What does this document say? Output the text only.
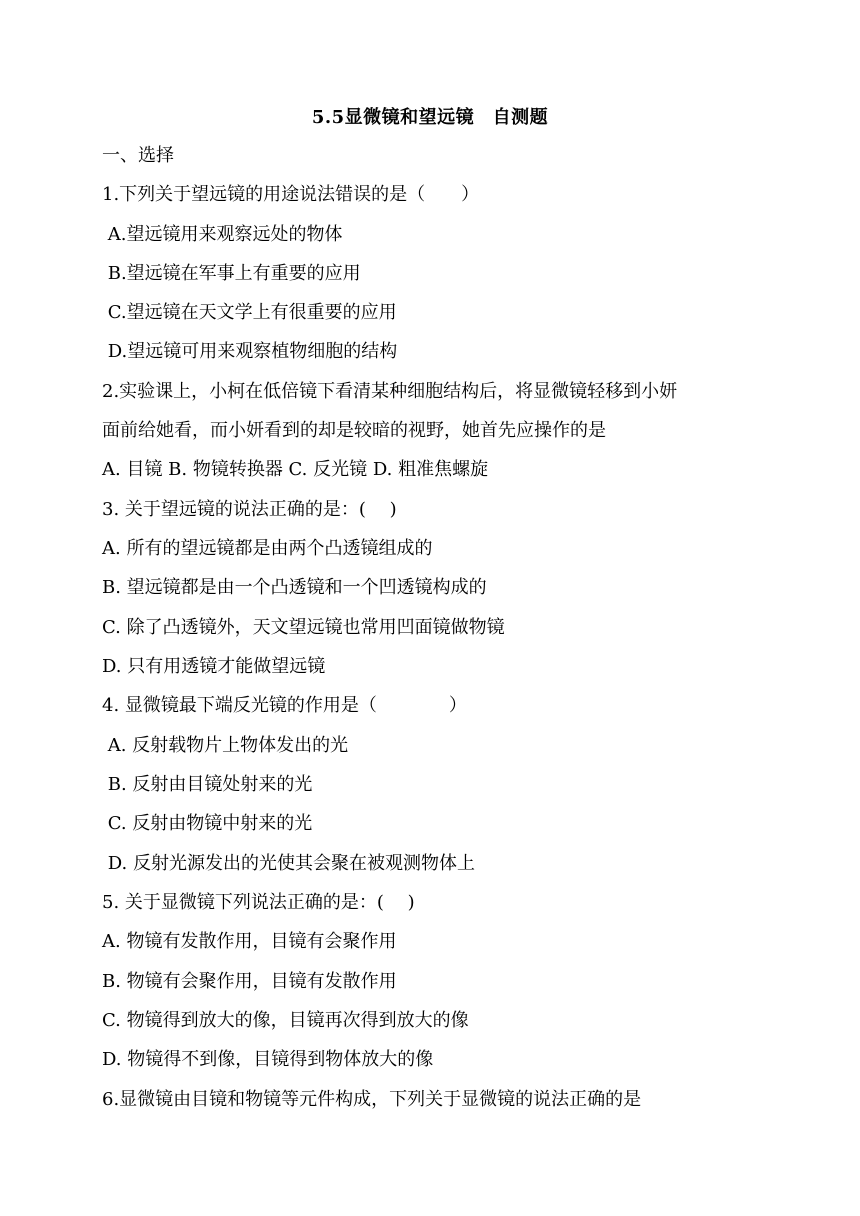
5.5显微镜和望远镜　自测题
一、选择
1.下列关于望远镜的用途说法错误的是（　　）
A.望远镜用来观察远处的物体
B.望远镜在军事上有重要的应用
C.望远镜在天文学上有很重要的应用
D.望远镜可用来观察植物细胞的结构
2.实验课上，小柯在低倍镜下看清某种细胞结构后，将显微镜轻移到小妍
面前给她看，而小妍看到的却是较暗的视野，她首先应操作的是
A. 目镜 B. 物镜转换器 C. 反光镜 D. 粗准焦螺旋
3. 关于望远镜的说法正确的是：(　 )
A. 所有的望远镜都是由两个凸透镜组成的
B. 望远镜都是由一个凸透镜和一个凹透镜构成的
C. 除了凸透镜外，天文望远镜也常用凹面镜做物镜
D. 只有用透镜才能做望远镜
4. 显微镜最下端反光镜的作用是（　　　　）
A. 反射载物片上物体发出的光
B. 反射由目镜处射来的光
C. 反射由物镜中射来的光
D. 反射光源发出的光使其会聚在被观测物体上
5. 关于显微镜下列说法正确的是：(　 )
A. 物镜有发散作用，目镜有会聚作用
B. 物镜有会聚作用，目镜有发散作用
C. 物镜得到放大的像，目镜再次得到放大的像
D. 物镜得不到像，目镜得到物体放大的像
6.显微镜由目镜和物镜等元件构成，下列关于显微镜的说法正确的是
